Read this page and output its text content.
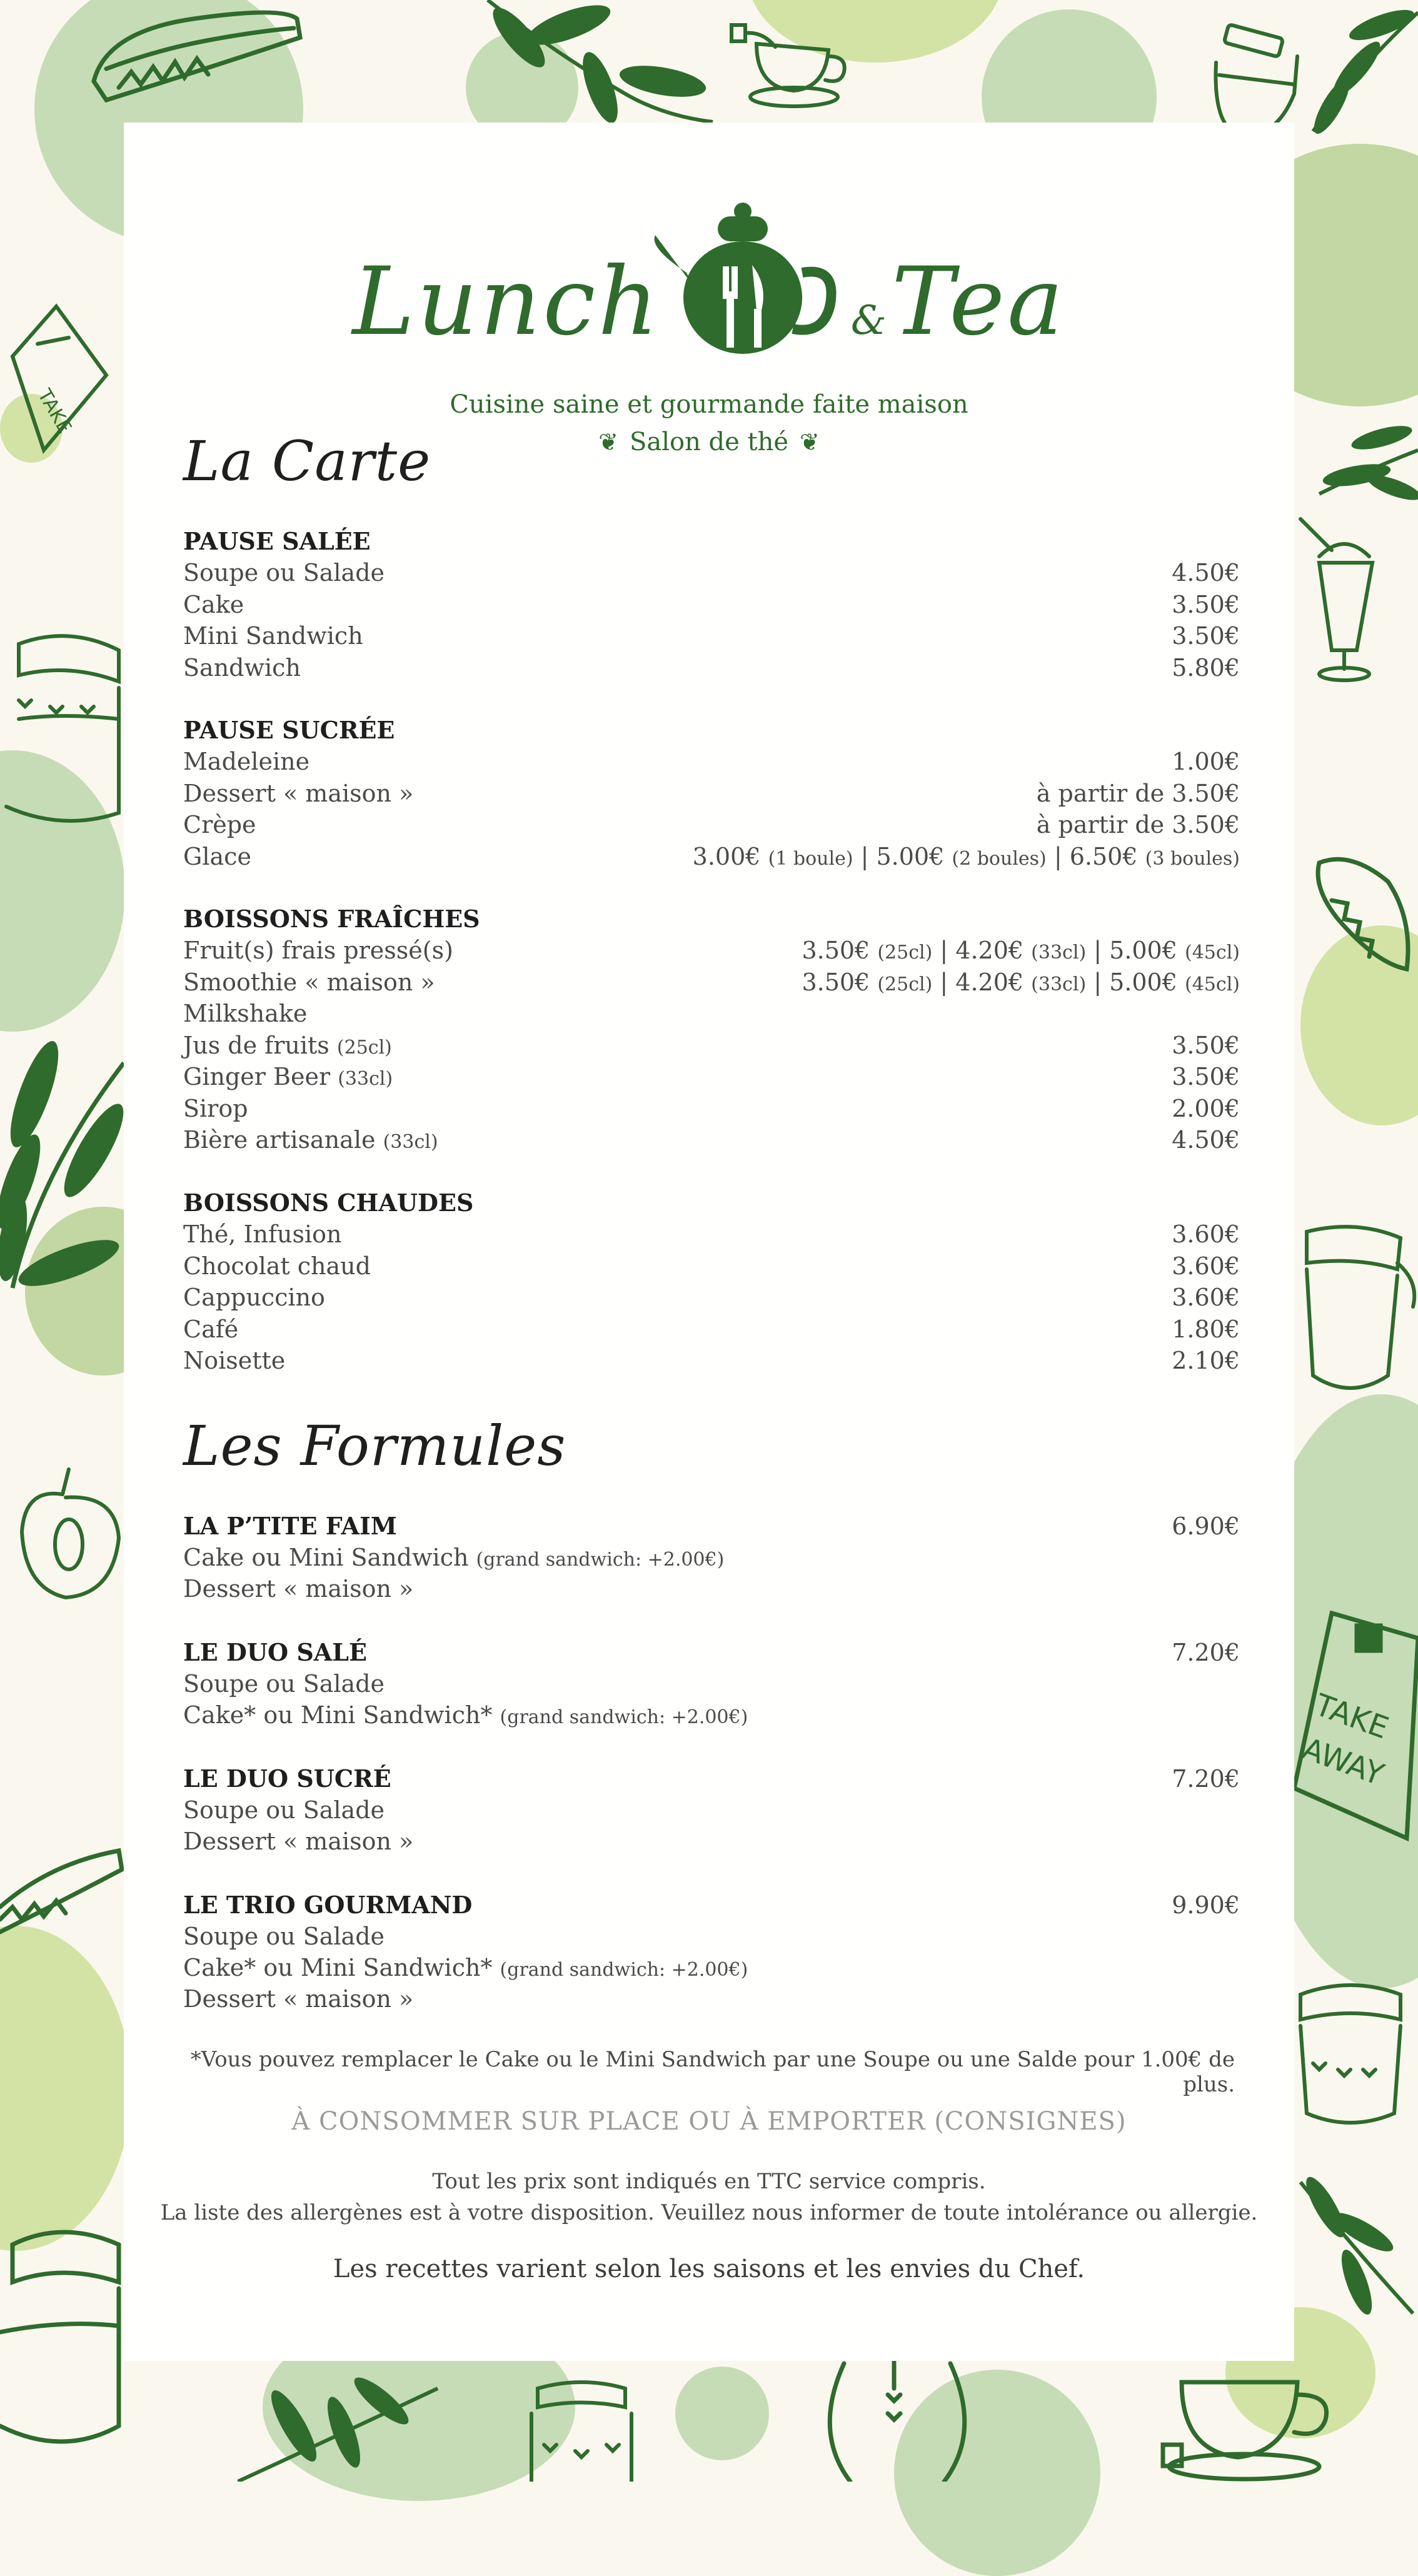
TAKE
TAKE
AWAY
Lunch	&Tea
Cuisine saine et gourmande faite maison
❦ Salon de thé ❦
La Carte
PAUSE SALÉE
Soupe ou Salade	4.50€
Cake	3.50€
Mini Sandwich	3.50€
Sandwich	5.80€
PAUSE SUCRÉE
Madeleine	1.00€
Dessert « maison »	à partir de 3.50€
Crèpe	à partir de 3.50€
Glace	3.00€ (1 boule) | 5.00€ (2 boules) | 6.50€ (3 boules)
BOISSONS FRAÎCHES
Fruit(s) frais pressé(s)	3.50€ (25cl) | 4.20€ (33cl) | 5.00€ (45cl)
Smoothie « maison »	3.50€ (25cl) | 4.20€ (33cl) | 5.00€ (45cl)
Milkshake
Jus de fruits (25cl)	3.50€
Ginger Beer (33cl)	3.50€
Sirop	2.00€
Bière artisanale (33cl)	4.50€
BOISSONS CHAUDES
Thé, Infusion	3.60€
Chocolat chaud	3.60€
Cappuccino	3.60€
Café	1.80€
Noisette	2.10€
Les Formules
LA P’TITE FAIM	6.90€
Cake ou Mini Sandwich (grand sandwich: +2.00€)
Dessert « maison »
LE DUO SALÉ	7.20€
Soupe ou Salade
Cake* ou Mini Sandwich* (grand sandwich: +2.00€)
LE DUO SUCRÉ	7.20€
Soupe ou Salade
Dessert « maison »
LE TRIO GOURMAND	9.90€
Soupe ou Salade
Cake* ou Mini Sandwich* (grand sandwich: +2.00€)
Dessert « maison »
*Vous pouvez remplacer le Cake ou le Mini Sandwich par une Soupe ou une Salde pour 1.00€ de plus.
À CONSOMMER SUR PLACE OU À EMPORTER (CONSIGNES)
Tout les prix sont indiqués en TTC service compris.
La liste des allergènes est à votre disposition. Veuillez nous informer de toute intolérance ou allergie.
Les recettes varient selon les saisons et les envies du Chef.
